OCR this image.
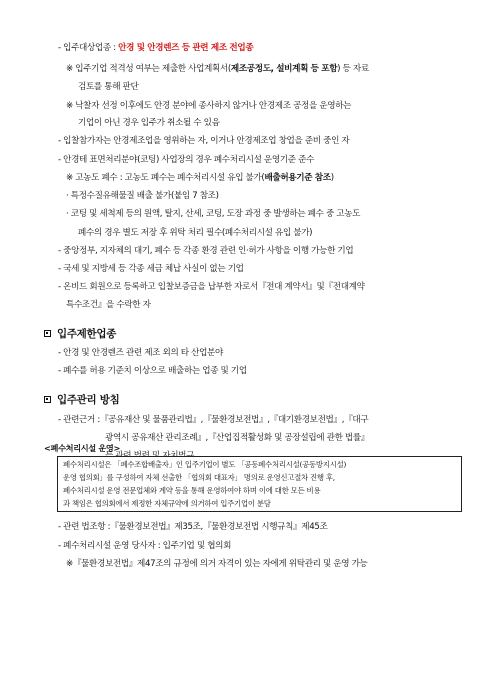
- 입주대상업종 : 안경 및 안경렌즈 등 관련 제조 전업종
※ 입주기업 적격성 여부는 제출한 사업계획서(제조공정도, 설비계획 등 포함) 등 자료
검토를 통해 판단
※ 낙찰자 선정 이후에도 안경 분야에 종사하지 않거나 안경제조 공정을 운영하는
기업이 아닌 경우 입주가 취소될 수 있음
- 입찰참가자는 안경제조업을 영위하는 자, 이거나 안경제조업 창업을 준비 중인 자
- 안경테 표면처리분야(코팅) 사업장의 경우 폐수처리시설 운영기준 준수
※ 고농도 폐수 : 고농도 폐수는 폐수처리시설 유입 불가(배출허용기준 참조)
· 특정수질유해물질 배출 불가(붙임 7 참조)
· 코팅 및 세척제 등의 원액, 탈지, 산세, 코팅, 도장 과정 중 발생하는 폐수 중 고농도
폐수의 경우 별도 저장 후 위탁 처리 필수(폐수처리시설 유입 불가)
- 중앙정부, 지자체의 대기, 폐수 등 각종 환경 관련 인·허가 사항을 이행 가능한 기업
- 국세 및 지방세 등 각종 세금 체납 사실이 없는 기업
- 온비드 회원으로 등록하고 입찰보증금을 납부한 자로서『전대 계약서』및『전대계약
특수조건』을 수락한 자
입주제한업종
- 안경 및 안경렌즈 관련 제조 외의 타 산업분야
- 폐수를 허용 기준치 이상으로 배출하는 업종 및 기업
입주관리 방침
- 관련근거 :『공유재산 및 물품관리법』,『물환경보전법』,『대기환경보전법』,『대구
광역시 공유재산 관리조례』,『산업집적활성화 및 공장설립에 관한 법률』
<폐수처리시설 운영>
폐수처리시설은 「폐수조합배출자」인 입주기업이 별도 「공동폐수처리시설(공동방지시설)
운영 협의회」를 구성하여 자체 선출한 「협의회 대표자」 명의로 운영신고절차 진행 후,
폐수처리시설 운영 전문업체와 계약 등을 통해 운영하여야 하며 이에 대한 모든 비용
과 책임은 협의회에서 제정한 자체규약에 의거하여 입주기업이 분담
- 관련 법조항 :『물환경보전법』제35조,『물환경보전법 시행규칙』제45조
- 폐수처리시설 운영 당사자 : 입주기업 및 협의회
※『물환경보전법』제47조의 규정에 의거 자격이 있는 자에게 위탁관리 및 운영 가능
